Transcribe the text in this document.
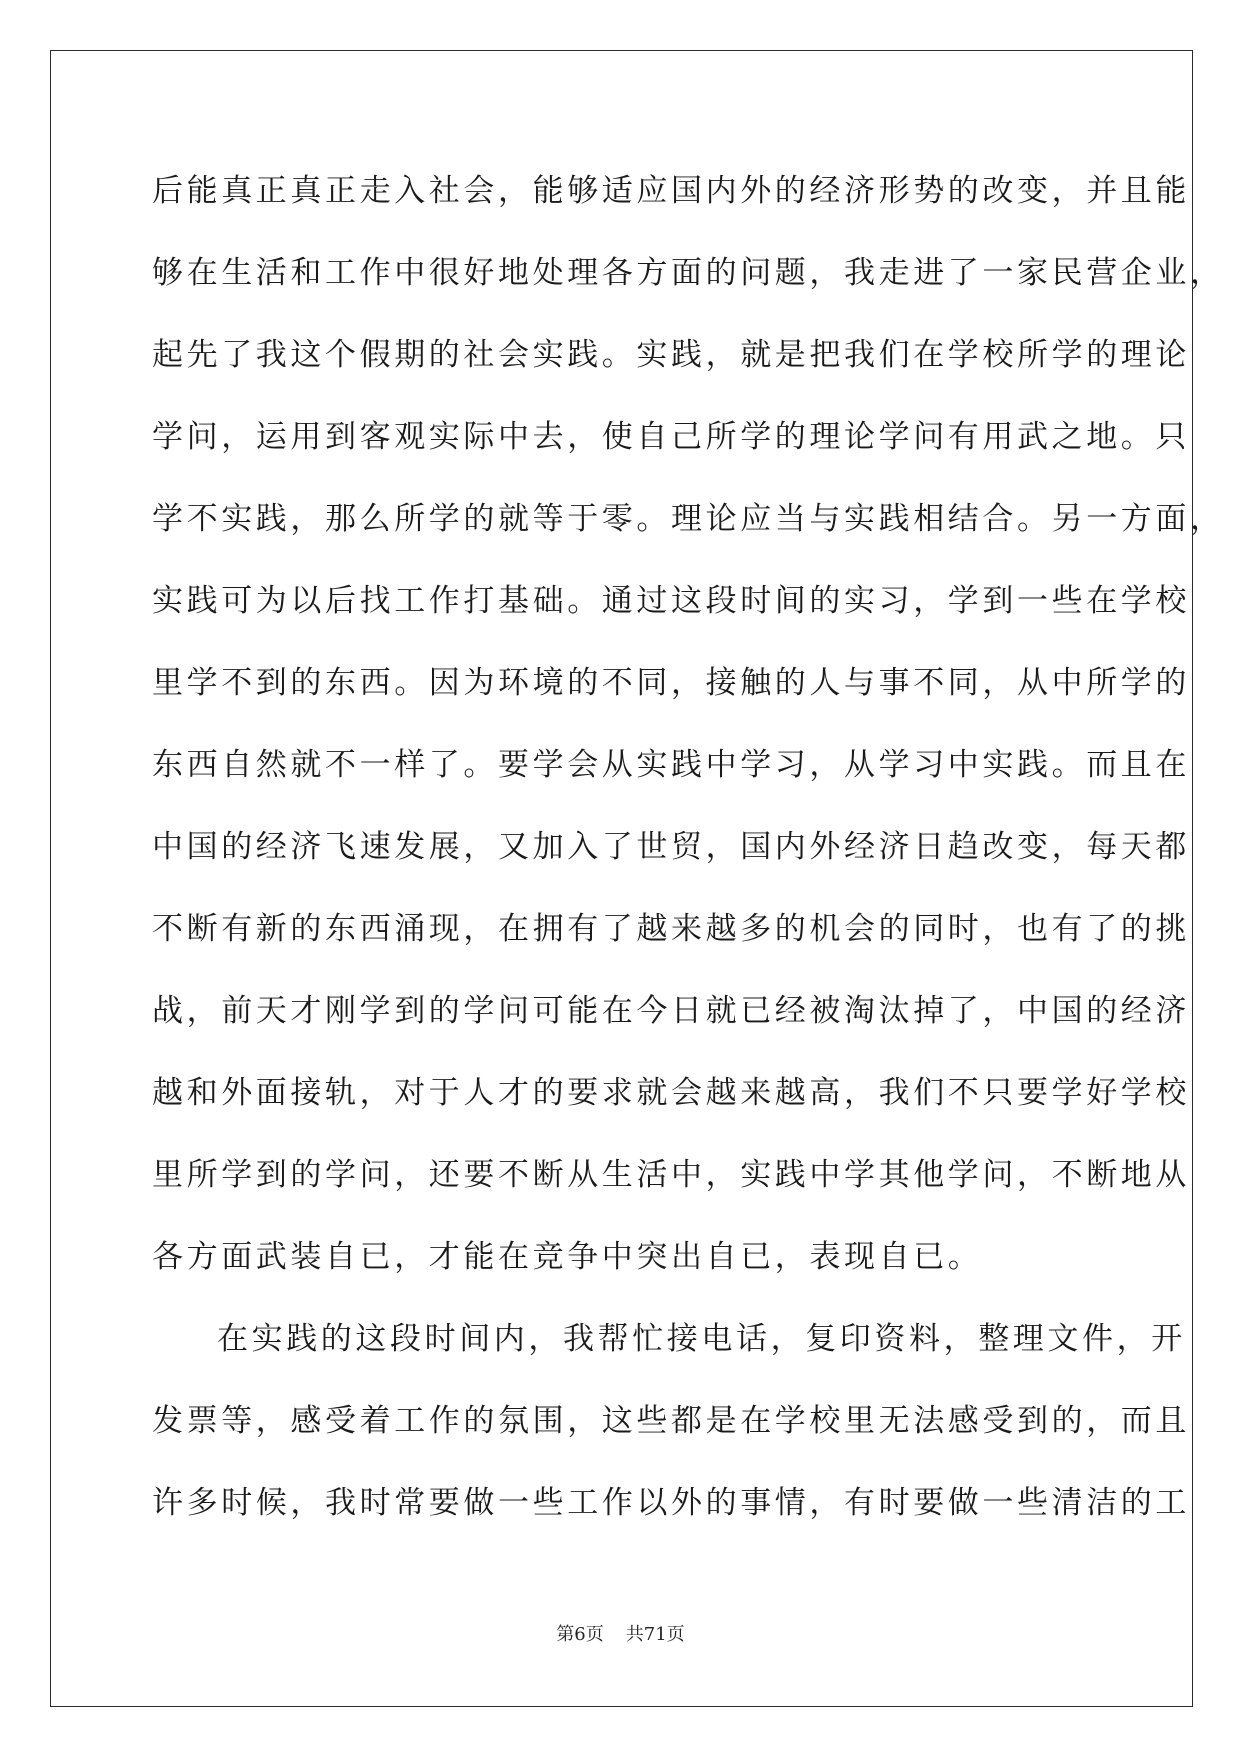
后能真正真正走入社会，能够适应国内外的经济形势的改变，并且能
够在生活和工作中很好地处理各方面的问题，我走进了一家民营企业，
起先了我这个假期的社会实践。实践，就是把我们在学校所学的理论
学问，运用到客观实际中去，使自己所学的理论学问有用武之地。只
学不实践，那么所学的就等于零。理论应当与实践相结合。另一方面，
实践可为以后找工作打基础。通过这段时间的实习，学到一些在学校
里学不到的东西。因为环境的不同，接触的人与事不同，从中所学的
东西自然就不一样了。要学会从实践中学习，从学习中实践。而且在
中国的经济飞速发展，又加入了世贸，国内外经济日趋改变，每天都
不断有新的东西涌现，在拥有了越来越多的机会的同时，也有了的挑
战，前天才刚学到的学问可能在今日就已经被淘汰掉了，中国的经济
越和外面接轨，对于人才的要求就会越来越高，我们不只要学好学校
里所学到的学问，还要不断从生活中，实践中学其他学问，不断地从
各方面武装自已，才能在竞争中突出自已，表现自已。
在实践的这段时间内，我帮忙接电话，复印资料，整理文件，开
发票等，感受着工作的氛围，这些都是在学校里无法感受到的，而且
许多时候，我时常要做一些工作以外的事情，有时要做一些清洁的工
第6页 共71页
